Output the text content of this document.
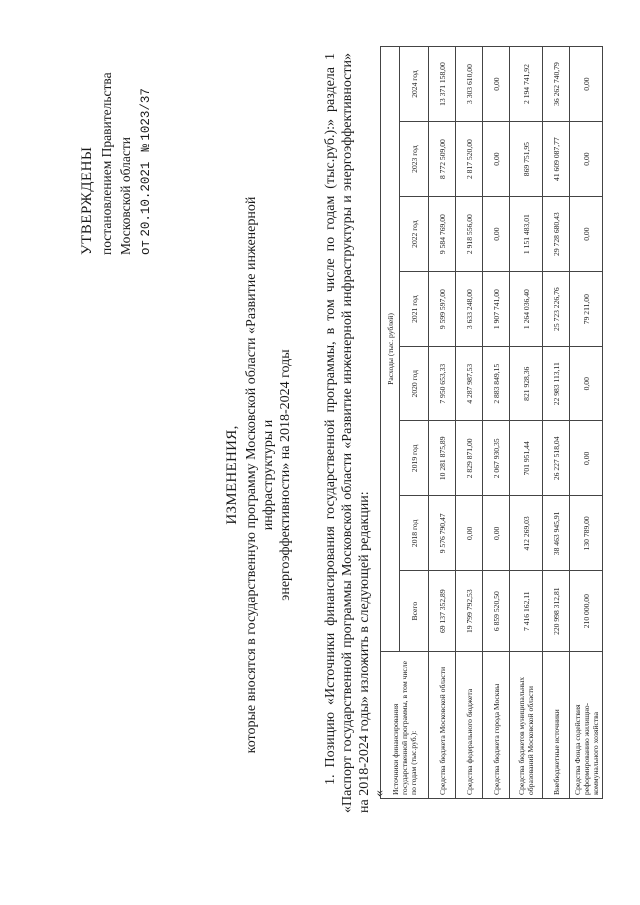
УТВЕРЖДЕНЫ постановлением Правительства Московской области от 20.10.2021   № 1023/37
ИЗМЕНЕНИЯ, которые вносятся в государственную программу Московской области «Развитие инженерной инфраструктуры и энергоэффективности» на 2018-2024 годы 1. Позицию «Источники финансирования государственной программы, в том числе по годам (тыс.руб.):» раздела 1 «Паспорт государственной программы Московской области «Развитие инженерной инфраструктуры и энергоэффективности» на 2018-2024 годы» изложить в следующей редакции: « Источники финансирования государственной программы, в том числе по годам (тыс.руб.):	Расходы (тыс. рублей)							
	Всего	2018 год	2019 год	2020 год	2021 год	2022 год	2023 год	2024 год
Средства бюджета Московской области	69 137 352,89	9 576 790,47	10 281 875,89	7 950 653,33	9 599 597,00	9 584 769,00	8 772 509,00	13 371 158,00
Средства федерального бюджета	19 799 792,53	0,00	2 829 871,00	4 287 987,53	3 633 248,00	2 918 556,00	2 817 520,00	3 303 610,00
Средства бюджета города Москвы	6 859 520,50	0,00	2 067 930,35	2 883 849,15	1 907 741,00	0,00	0,00	0,00
Средства бюджетов муниципальных образований Московской области	7 416 162,11	412 269,03	701 951,44	821 928,36	1 264 036,40	1 151 483,01	869 751,95	2 194 741,92
Внебюджетные источники	220 998 312,81	38 463 945,91	26 227 518,04	22 983 113,11	25 723 226,76	29 728 680,43	41 609 087,77	36 262 740,79
Средства Фонда содействия реформированию жилищно-коммунального хозяйства	210 000,00	130 789,00	0,00	0,00	79 211,00	0,00	0,00	0,00
